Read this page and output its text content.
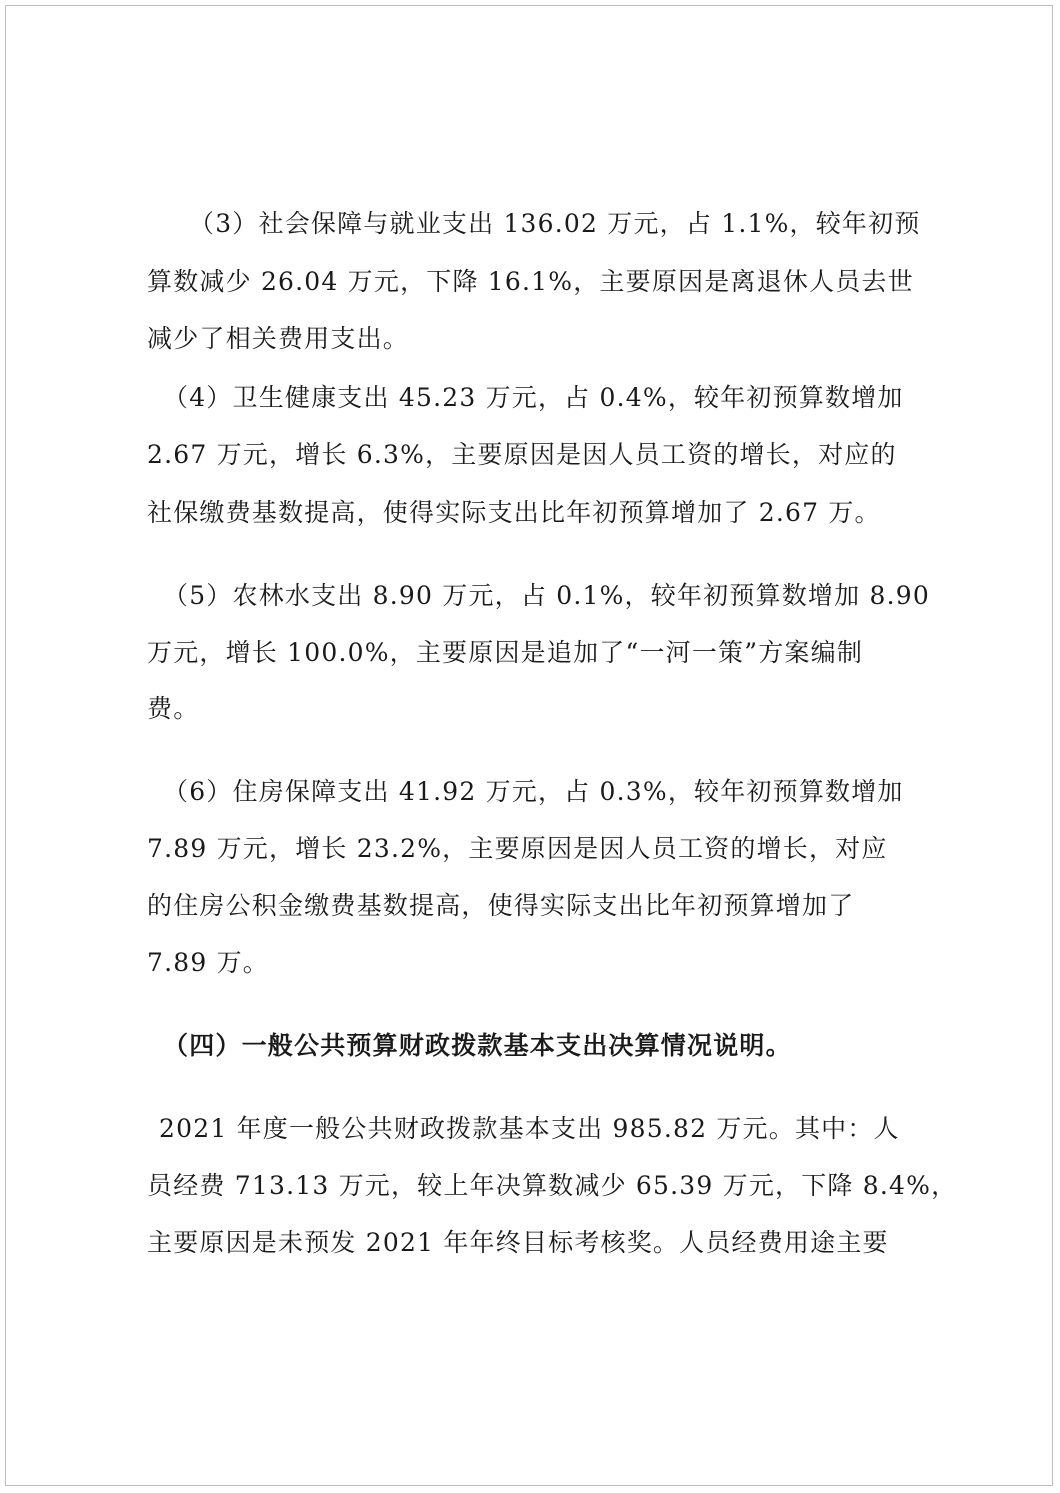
（3）社会保障与就业支出 136.02 万元，占 1.1%，较年初预
算数减少 26.04 万元，下降 16.1%，主要原因是离退休人员去世
减少了相关费用支出。
（4）卫生健康支出 45.23 万元，占 0.4%，较年初预算数增加
2.67 万元，增长 6.3%，主要原因是因人员工资的增长，对应的
社保缴费基数提高，使得实际支出比年初预算增加了 2.67 万。
（5）农林水支出 8.90 万元，占 0.1%，较年初预算数增加 8.90
万元，增长 100.0%，主要原因是追加了“一河一策”方案编制
费。
（6）住房保障支出 41.92 万元，占 0.3%，较年初预算数增加
7.89 万元，增长 23.2%，主要原因是因人员工资的增长，对应
的住房公积金缴费基数提高，使得实际支出比年初预算增加了
7.89 万。
（四）一般公共预算财政拨款基本支出决算情况说明。
2021 年度一般公共财政拨款基本支出 985.82 万元。其中：人
员经费 713.13 万元，较上年决算数减少 65.39 万元，下降 8.4%，
主要原因是未预发 2021 年年终目标考核奖。人员经费用途主要
